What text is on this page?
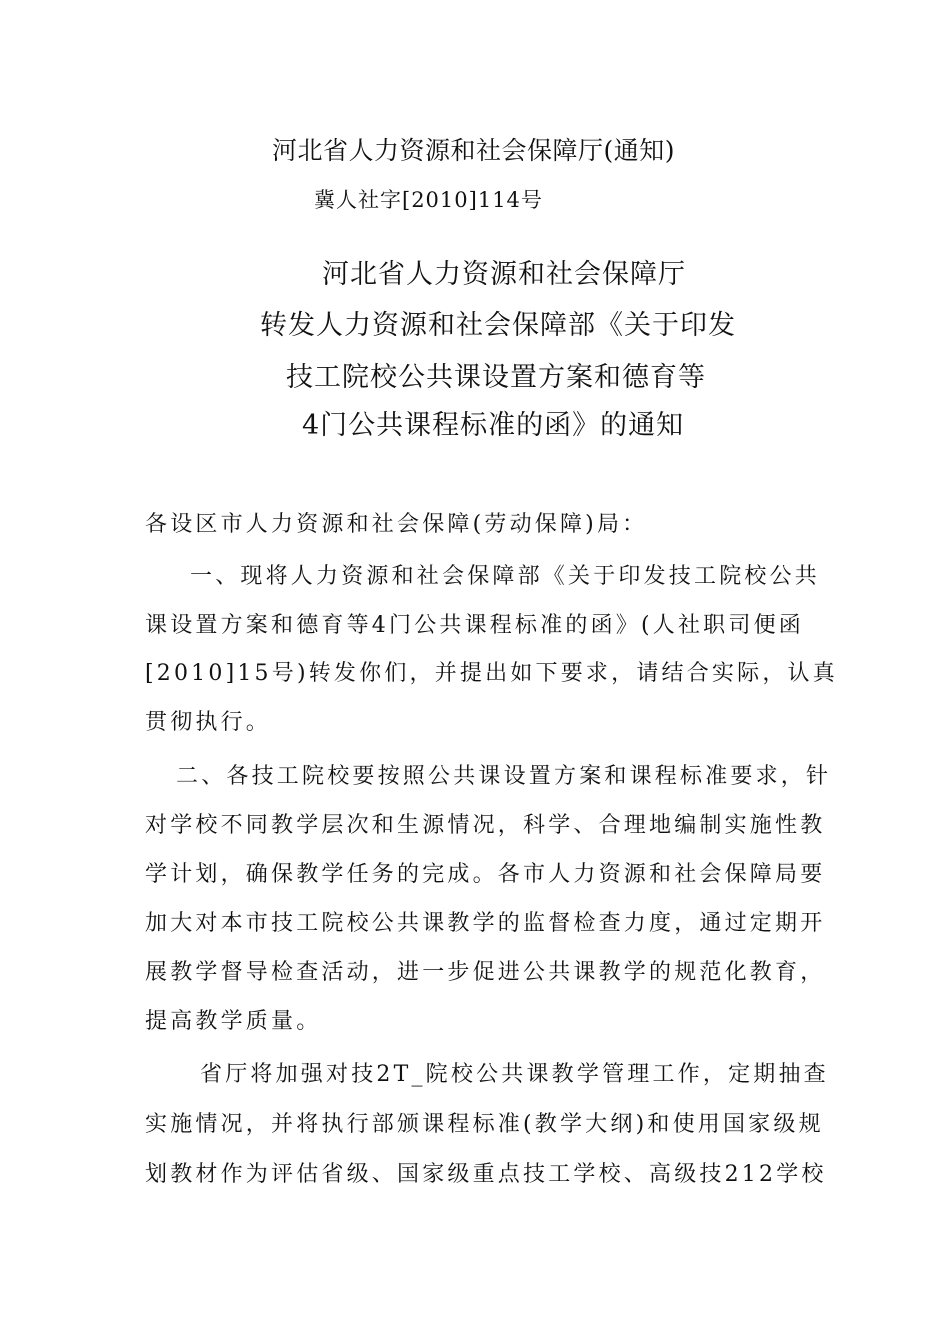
河北省人力资源和社会保障厅(通知)

冀人社字[2010]114号

河北省人力资源和社会保障厅

转发人力资源和社会保障部《关于印发

技工院校公共课设置方案和德育等

4门公共课程标准的函》的通知

各设区市人力资源和社会保障(劳动保障)局：

一、现将人力资源和社会保障部《关于印发技工院校公共

课设置方案和德育等4门公共课程标准的函》(人社职司便函

[2010]15号)转发你们，并提出如下要求，请结合实际，认真

贯彻执行。

二、各技工院校要按照公共课设置方案和课程标准要求，针

对学校不同教学层次和生源情况，科学、合理地编制实施性教

学计划，确保教学任务的完成。各市人力资源和社会保障局要

加大对本市技工院校公共课教学的监督检查力度，通过定期开

展教学督导检查活动，进一步促进公共课教学的规范化教育，

提高教学质量。

省厅将加强对技2T_院校公共课教学管理工作，定期抽查

实施情况，并将执行部颁课程标准(教学大纲)和使用国家级规

划教材作为评估省级、国家级重点技工学校、高级技212学校
